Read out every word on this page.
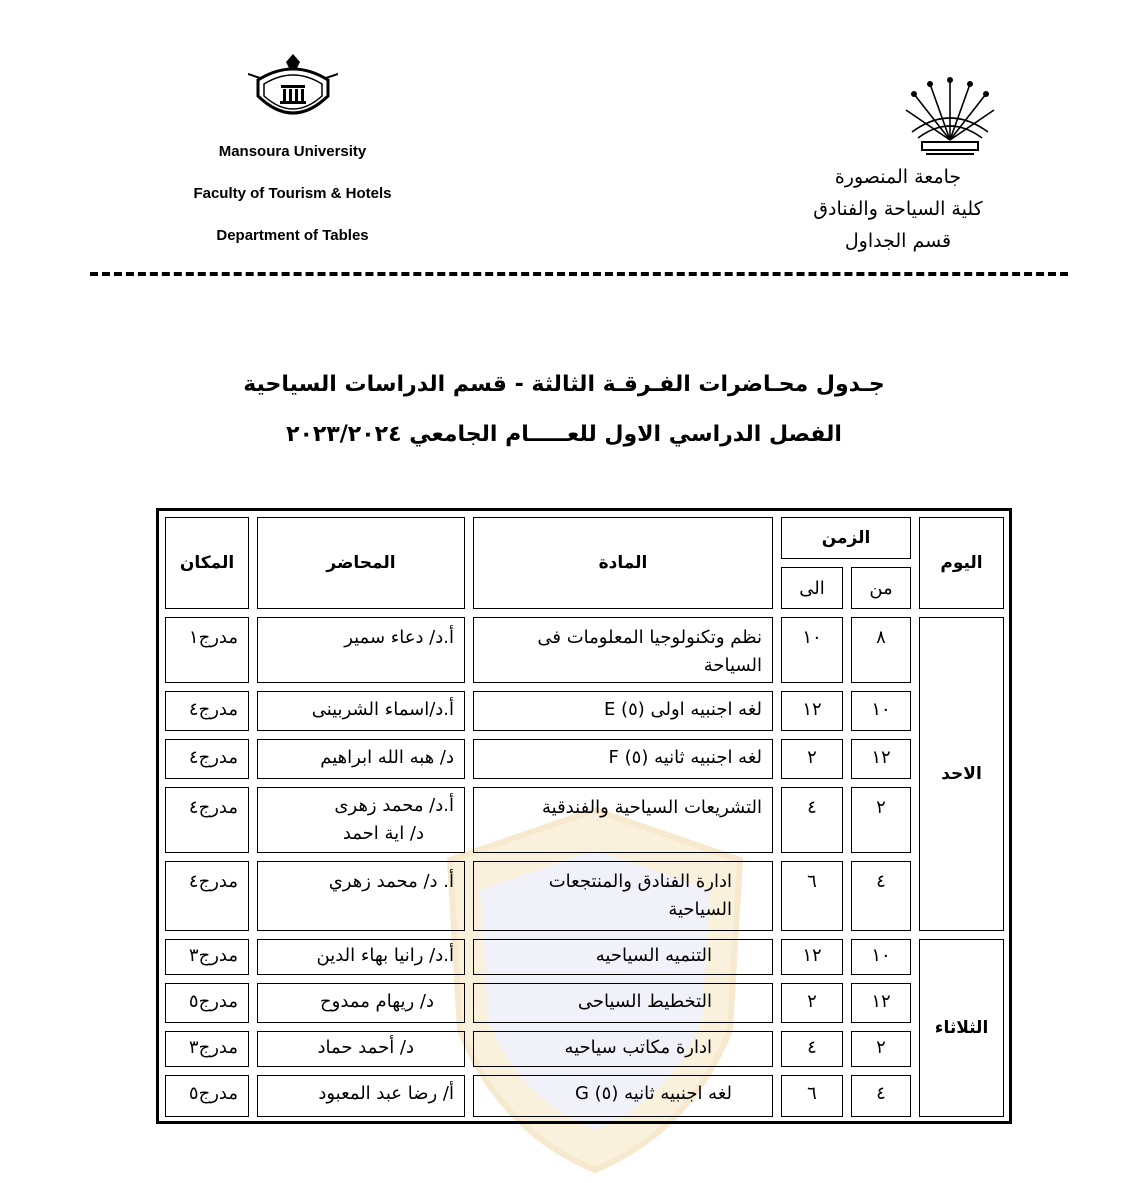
Mansoura University
Faculty of Tourism & Hotels
Department of Tables
جامعة المنصورة
كلية السياحة والفنادق
قسم الجداول
جـدول محـاضرات الفـرقـة الثالثة - قسم الدراسات السياحية
الفصل الدراسي الاول للعـــــام الجامعي ٢٠٢٣/٢٠٢٤
اليوم
الزمن
من
الى
المادة
المحاضر
المكان
الاحد
الثلاثاء
٨
١٠
نظم وتكنولوجيا المعلومات فى السياحة
أ.د/ دعاء سمير
مدرج١
١٠
١٢
لغه اجنبيه اولى (٥) E
أ.د/اسماء الشربينى
مدرج٤
١٢
٢
لغه اجنبيه ثانيه (٥) F
د/ هبه الله ابراهيم
مدرج٤
٢
٤
التشريعات السياحية والفندقية
أ.د/ محمد زهرى
د/ اية احمد
مدرج٤
٤
٦
ادارة الفنادق والمنتجعات السياحية
أ. د/ محمد زهري
مدرج٤
١٠
١٢
التنميه السياحيه
أ.د/ رانيا بهاء الدين
مدرج٣
١٢
٢
التخطيط السياحى
د/ ريهام ممدوح
مدرج٥
٢
٤
ادارة مكاتب سياحيه
د/ أحمد حماد
مدرج٣
٤
٦
لغه اجنبيه ثانيه (٥) G
أ/ رضا عبد المعبود
مدرج٥
